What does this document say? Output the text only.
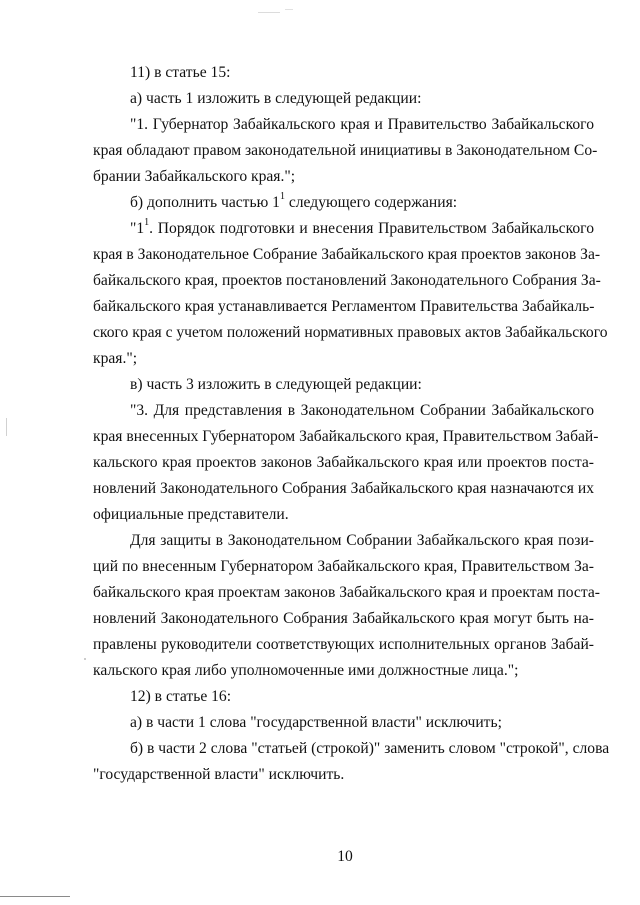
11) в статье 15:
а) часть 1 изложить в следующей редакции:
"1. Губернатор Забайкальского края и Правительство Забайкальского
края обладают правом законодательной инициативы в Законодательном Со-
брании Забайкальского края.";
б) дополнить частью $1^1$ следующего содержания:
"$1^1$. Порядок подготовки и внесения Правительством Забайкальского
края в Законодательное Собрание Забайкальского края проектов законов За-
байкальского края, проектов постановлений Законодательного Собрания За-
байкальского края устанавливается Регламентом Правительства Забайкаль-
ского края с учетом положений нормативных правовых актов Забайкальского
края.";
в) часть 3 изложить в следующей редакции:
"3. Для представления в Законодательном Собрании Забайкальского
края внесенных Губернатором Забайкальского края, Правительством Забай-
кальского края проектов законов Забайкальского края или проектов поста-
новлений Законодательного Собрания Забайкальского края назначаются их
официальные представители.
Для защиты в Законодательном Собрании Забайкальского края пози-
ций по внесенным Губернатором Забайкальского края, Правительством За-
байкальского края проектам законов Забайкальского края и проектам поста-
новлений Законодательного Собрания Забайкальского края могут быть на-
правлены руководители соответствующих исполнительных органов Забай-
кальского края либо уполномоченные ими должностные лица.";
12) в статье 16:
а) в части 1 слова "государственной власти" исключить;
б) в части 2 слова "статьей (строкой)" заменить словом "строкой", слова
"государственной власти" исключить.
10
